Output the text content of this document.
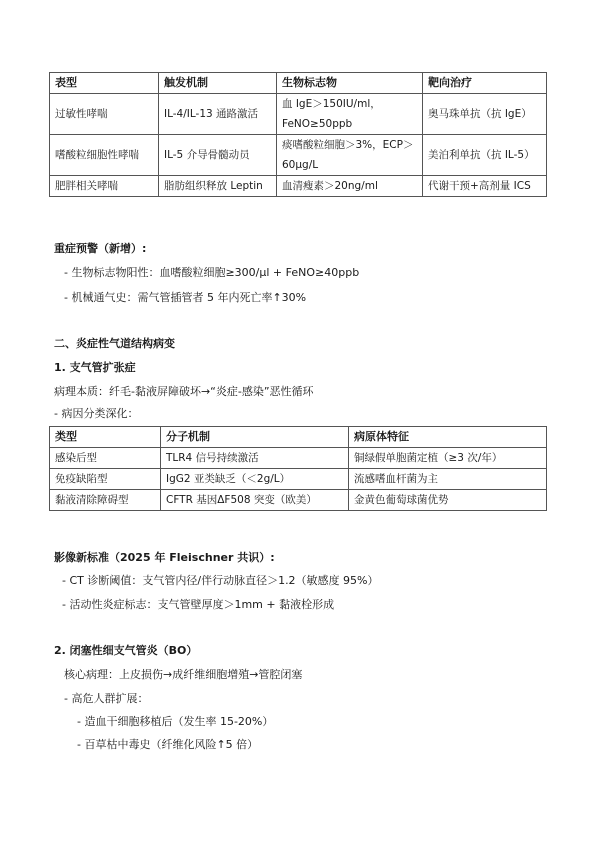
表型	触发机制	生物标志物	靶向治疗
过敏性哮喘	IL-4/IL-13 通路激活	血 IgE＞150IU/ml，FeNO≥50ppb	奥马珠单抗（抗 IgE）
嗜酸粒细胞性哮喘	IL-5 介导骨髓动员	痰嗜酸粒细胞＞3%，ECP＞60μg/L	美泊利单抗（抗 IL-5）
肥胖相关哮喘	脂肪组织释放 Leptin	血清瘦素＞20ng/ml	代谢干预+高剂量 ICS
重症预警（新增）:
- 生物标志物阳性：血嗜酸粒细胞≥300/μl + FeNO≥40ppb
- 机械通气史：需气管插管者 5 年内死亡率↑30%
二、炎症性气道结构病变
1. 支气管扩张症
病理本质：纤毛-黏液屏障破坏→“炎症-感染”恶性循环
- 病因分类深化：
类型	分子机制	病原体特征
感染后型	TLR4 信号持续激活	铜绿假单胞菌定植（≥3 次/年）
免疫缺陷型	IgG2 亚类缺乏（＜2g/L）	流感嗜血杆菌为主
黏液清除障碍型	CFTR 基因ΔF508 突变（欧美）	金黄色葡萄球菌优势
影像新标准（2025 年 Fleischner 共识）:
- CT 诊断阈值：支气管内径/伴行动脉直径＞1.2（敏感度 95%）
- 活动性炎症标志：支气管壁厚度＞1mm + 黏液栓形成
2. 闭塞性细支气管炎（BO）
核心病理：上皮损伤→成纤维细胞增殖→管腔闭塞
- 高危人群扩展：
- 造血干细胞移植后（发生率 15-20%）
- 百草枯中毒史（纤维化风险↑5 倍）
